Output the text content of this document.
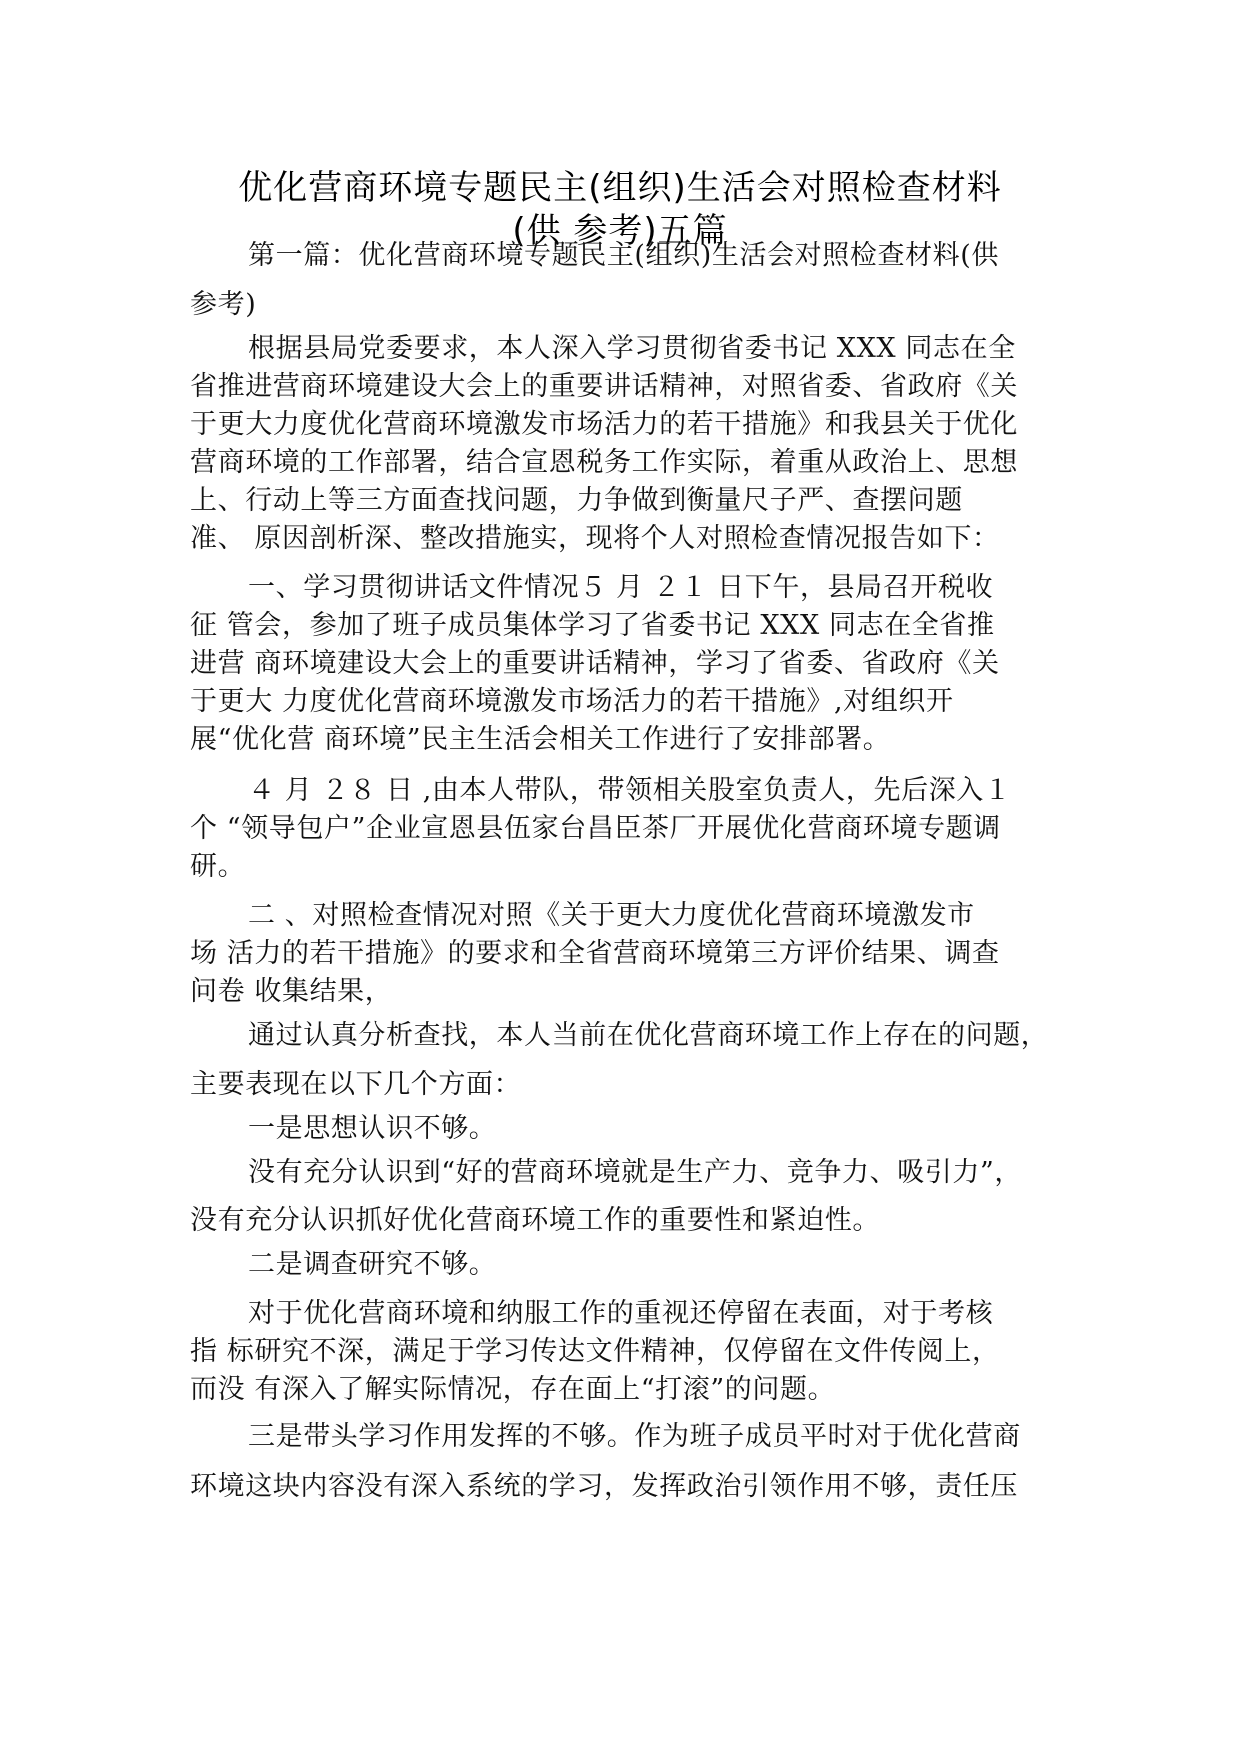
优化营商环境专题民主(组织)生活会对照检查材料
(供 参考)五篇
第一篇：优化营商环境专题民主(组织)生活会对照检查材料(供
参考)
根据县局党委要求，本人深入学习贯彻省委书记 XXX 同志在全
省推进营商环境建设大会上的重要讲话精神，对照省委、省政府《关
于更大力度优化营商环境激发市场活力的若干措施》和我县关于优化
营商环境的工作部署，结合宣恩税务工作实际，着重从政治上、思想
上、行动上等三方面查找问题，力争做到衡量尺子严、查摆问题
准、 原因剖析深、整改措施实，现将个人对照检查情况报告如下：
一、学习贯彻讲话文件情况５ 月 ２１ 日下午，县局召开税收
征 管会，参加了班子成员集体学习了省委书记 XXX 同志在全省推
进营 商环境建设大会上的重要讲话精神，学习了省委、省政府《关
于更大 力度优化营商环境激发市场活力的若干措施》,对组织开
展“优化营 商环境”民主生活会相关工作进行了安排部署。
４ 月 ２８ 日 ,由本人带队，带领相关股室负责人，先后深入１
个 “领导包户”企业宣恩县伍家台昌臣茶厂开展优化营商环境专题调
研。
二 、对照检查情况对照《关于更大力度优化营商环境激发市
场 活力的若干措施》的要求和全省营商环境第三方评价结果、调查
问卷 收集结果，
通过认真分析查找，本人当前在优化营商环境工作上存在的问题，
主要表现在以下几个方面：
一是思想认识不够。
没有充分认识到“好的营商环境就是生产力、竞争力、吸引力”，
没有充分认识抓好优化营商环境工作的重要性和紧迫性。
二是调查研究不够。
对于优化营商环境和纳服工作的重视还停留在表面，对于考核
指 标研究不深，满足于学习传达文件精神，仅停留在文件传阅上，
而没 有深入了解实际情况，存在面上“打滚”的问题。
三是带头学习作用发挥的不够。作为班子成员平时对于优化营商
环境这块内容没有深入系统的学习，发挥政治引领作用不够，责任压
